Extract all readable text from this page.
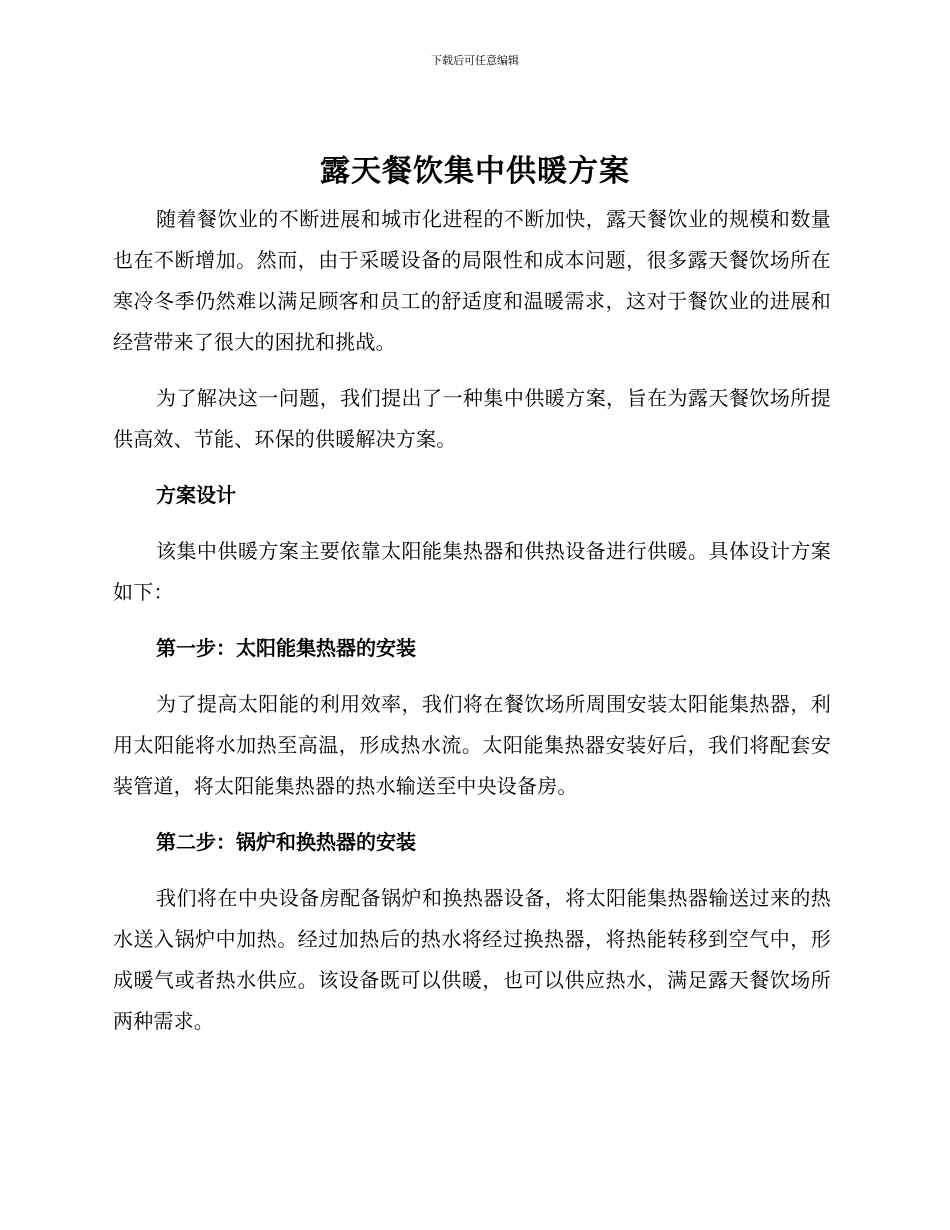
下载后可任意编辑
露天餐饮集中供暖方案

随着餐饮业的不断进展和城市化进程的不断加快，露天餐饮业的规模和数量也在不断增加。然而，由于采暖设备的局限性和成本问题，很多露天餐饮场所在寒冷冬季仍然难以满足顾客和员工的舒适度和温暖需求，这对于餐饮业的进展和经营带来了很大的困扰和挑战。

为了解决这一问题，我们提出了一种集中供暖方案，旨在为露天餐饮场所提供高效、节能、环保的供暖解决方案。

方案设计

该集中供暖方案主要依靠太阳能集热器和供热设备进行供暖。具体设计方案如下：

第一步：太阳能集热器的安装

为了提高太阳能的利用效率，我们将在餐饮场所周围安装太阳能集热器，利用太阳能将水加热至高温，形成热水流。太阳能集热器安装好后，我们将配套安装管道，将太阳能集热器的热水输送至中央设备房。

第二步：锅炉和换热器的安装

我们将在中央设备房配备锅炉和换热器设备，将太阳能集热器输送过来的热水送入锅炉中加热。经过加热后的热水将经过换热器，将热能转移到空气中，形成暖气或者热水供应。该设备既可以供暖，也可以供应热水，满足露天餐饮场所两种需求。
